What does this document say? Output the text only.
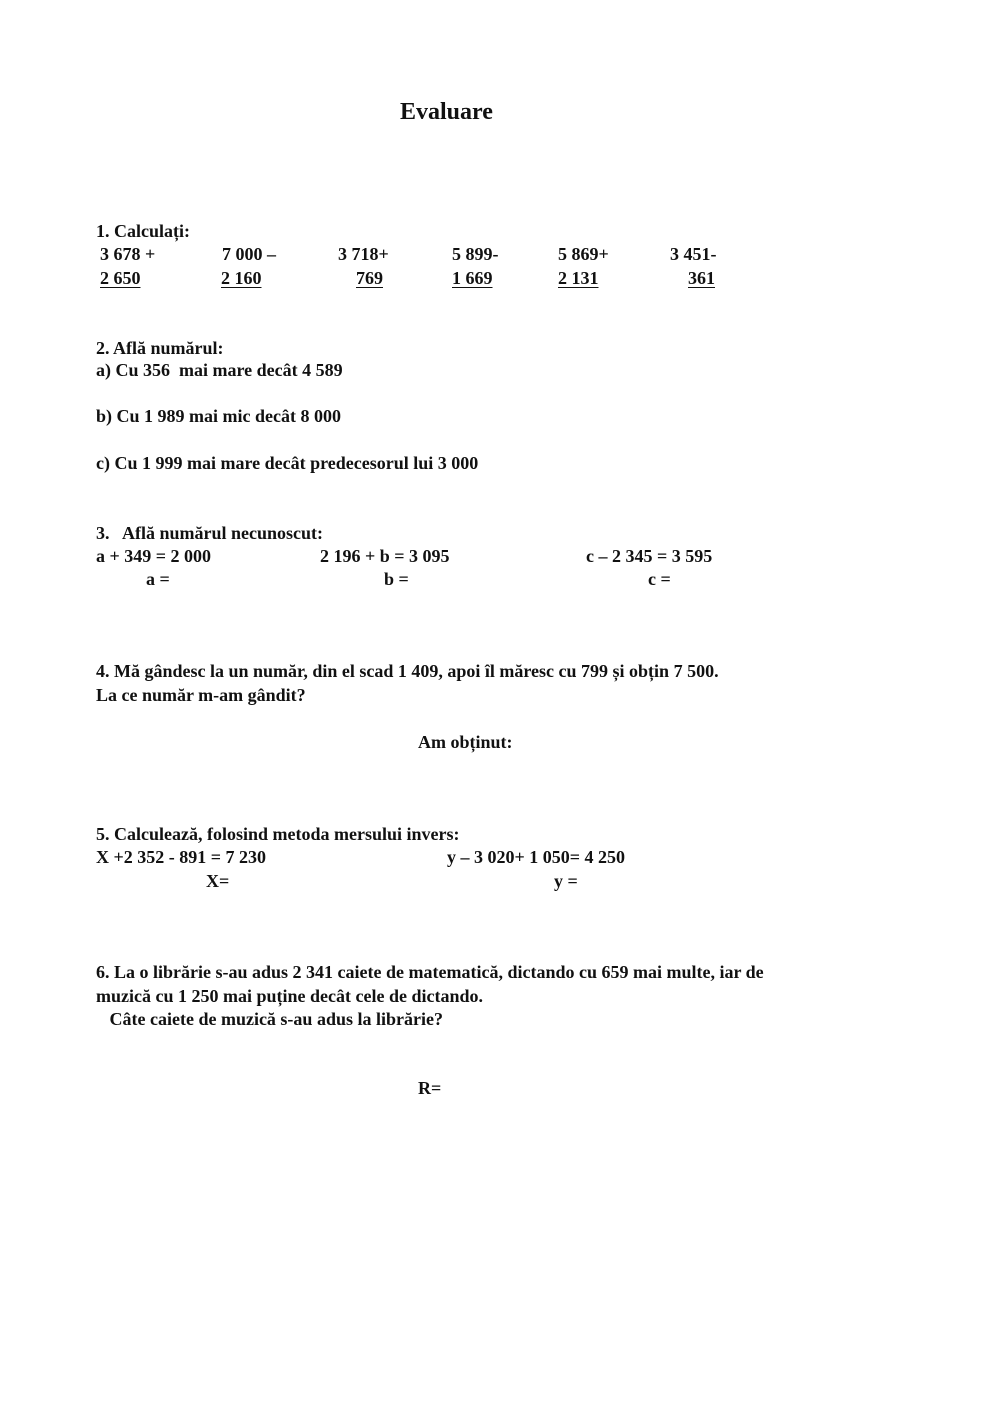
Evaluare
1. Calculați:
3 678 +
2 650
7 000 –
2 160
3 718+
769
5 899-
1 669
5 869+
2 131
3 451-
361
2. Află numărul:
a) Cu 356  mai mare decât 4 589
b) Cu 1 989 mai mic decât 8 000
c) Cu 1 999 mai mare decât predecesorul lui 3 000
3.   Află numărul necunoscut:
a + 349 = 2 000
a =
2 196 + b = 3 095
b =
c – 2 345 = 3 595
c =
4. Mă gândesc la un număr, din el scad 1 409, apoi îl măresc cu 799 și obțin 7 500.
La ce număr m-am gândit?
Am obținut:
5. Calculează, folosind metoda mersului invers:
X +2 352 - 891 = 7 230
X=
y – 3 020+ 1 050= 4 250
y =
6. La o librărie s-au adus 2 341 caiete de matematică, dictando cu 659 mai multe, iar de
muzică cu 1 250 mai puține decât cele de dictando.
Câte caiete de muzică s-au adus la librărie?
R=
